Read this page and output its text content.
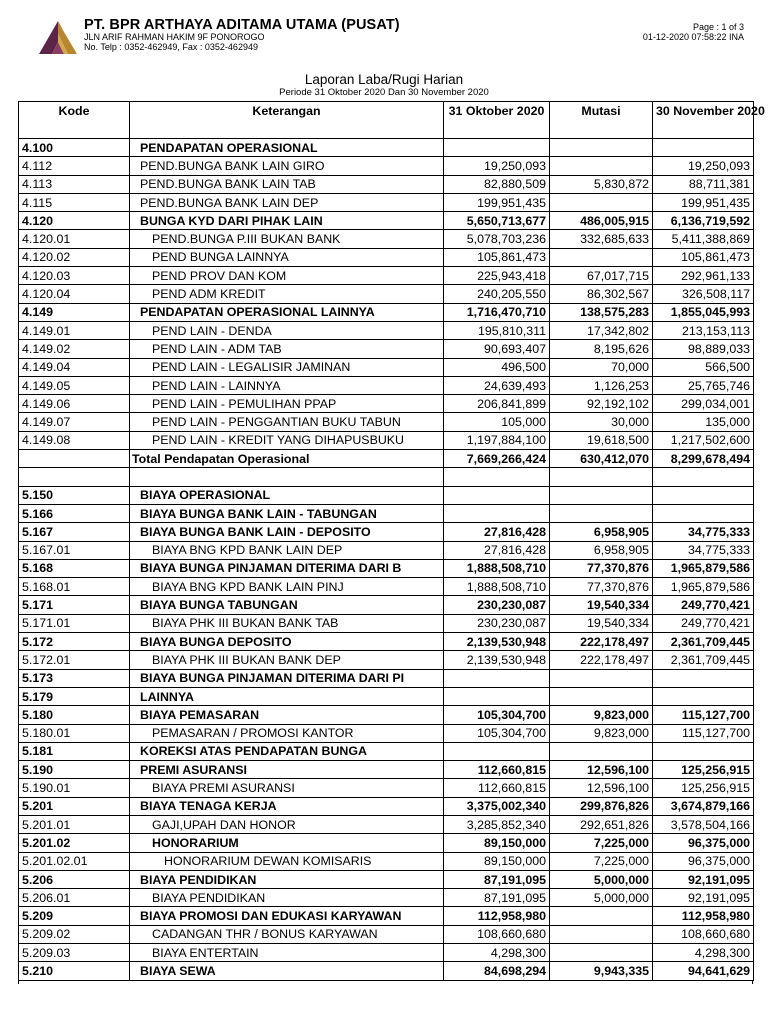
PT. BPR ARTHAYA ADITAMA UTAMA (PUSAT)
JLN ARIF RAHMAN HAKIM 9F PONOROGO
No. Telp : 0352-462949, Fax : 0352-462949
Page : 1 of 3
01-12-2020 07:58:22 INA
Laporan Laba/Rugi Harian
Periode 31 Oktober 2020 Dan 30 November 2020
Kode	Keterangan	31 Oktober 2020	Mutasi	30 November 2020
4.100	PENDAPATAN OPERASIONAL			
4.112	PEND.BUNGA BANK LAIN GIRO	19,250,093		19,250,093
4.113	PEND.BUNGA BANK LAIN TAB	82,880,509	5,830,872	88,711,381
4.115	PEND.BUNGA BANK LAIN DEP	199,951,435		199,951,435
4.120	BUNGA KYD DARI PIHAK LAIN	5,650,713,677	486,005,915	6,136,719,592
4.120.01	PEND.BUNGA P.III BUKAN BANK	5,078,703,236	332,685,633	5,411,388,869
4.120.02	PEND BUNGA LAINNYA	105,861,473		105,861,473
4.120.03	PEND PROV DAN KOM	225,943,418	67,017,715	292,961,133
4.120.04	PEND ADM KREDIT	240,205,550	86,302,567	326,508,117
4.149	PENDAPATAN OPERASIONAL LAINNYA	1,716,470,710	138,575,283	1,855,045,993
4.149.01	PEND LAIN - DENDA	195,810,311	17,342,802	213,153,113
4.149.02	PEND LAIN - ADM TAB	90,693,407	8,195,626	98,889,033
4.149.04	PEND LAIN - LEGALISIR JAMINAN	496,500	70,000	566,500
4.149.05	PEND LAIN - LAINNYA	24,639,493	1,126,253	25,765,746
4.149.06	PEND LAIN - PEMULIHAN PPAP	206,841,899	92,192,102	299,034,001
4.149.07	PEND LAIN - PENGGANTIAN BUKU TABUN	105,000	30,000	135,000
4.149.08	PEND LAIN - KREDIT YANG DIHAPUSBUKU	1,197,884,100	19,618,500	1,217,502,600
	Total Pendapatan Operasional	7,669,266,424	630,412,070	8,299,678,494

5.150	BIAYA OPERASIONAL			
5.166	BIAYA BUNGA BANK LAIN - TABUNGAN			
5.167	BIAYA BUNGA BANK LAIN - DEPOSITO	27,816,428	6,958,905	34,775,333
5.167.01	BIAYA BNG KPD BANK LAIN DEP	27,816,428	6,958,905	34,775,333
5.168	BIAYA BUNGA PINJAMAN DITERIMA DARI B	1,888,508,710	77,370,876	1,965,879,586
5.168.01	BIAYA BNG KPD BANK LAIN PINJ	1,888,508,710	77,370,876	1,965,879,586
5.171	BIAYA BUNGA TABUNGAN	230,230,087	19,540,334	249,770,421
5.171.01	BIAYA PHK III BUKAN BANK TAB	230,230,087	19,540,334	249,770,421
5.172	BIAYA BUNGA DEPOSITO	2,139,530,948	222,178,497	2,361,709,445
5.172.01	BIAYA PHK III BUKAN BANK DEP	2,139,530,948	222,178,497	2,361,709,445
5.173	BIAYA BUNGA PINJAMAN DITERIMA DARI PI			
5.179	LAINNYA			
5.180	BIAYA PEMASARAN	105,304,700	9,823,000	115,127,700
5.180.01	PEMASARAN / PROMOSI KANTOR	105,304,700	9,823,000	115,127,700
5.181	KOREKSI ATAS PENDAPATAN BUNGA			
5.190	PREMI ASURANSI	112,660,815	12,596,100	125,256,915
5.190.01	BIAYA PREMI ASURANSI	112,660,815	12,596,100	125,256,915
5.201	BIAYA TENAGA KERJA	3,375,002,340	299,876,826	3,674,879,166
5.201.01	GAJI,UPAH DAN HONOR	3,285,852,340	292,651,826	3,578,504,166
5.201.02	HONORARIUM	89,150,000	7,225,000	96,375,000
5.201.02.01	HONORARIUM DEWAN KOMISARIS	89,150,000	7,225,000	96,375,000
5.206	BIAYA PENDIDIKAN	87,191,095	5,000,000	92,191,095
5.206.01	BIAYA PENDIDIKAN	87,191,095	5,000,000	92,191,095
5.209	BIAYA PROMOSI DAN EDUKASI KARYAWAN	112,958,980		112,958,980
5.209.02	CADANGAN THR / BONUS KARYAWAN	108,660,680		108,660,680
5.209.03	BIAYA ENTERTAIN	4,298,300		4,298,300
5.210	BIAYA SEWA	84,698,294	9,943,335	94,641,629
